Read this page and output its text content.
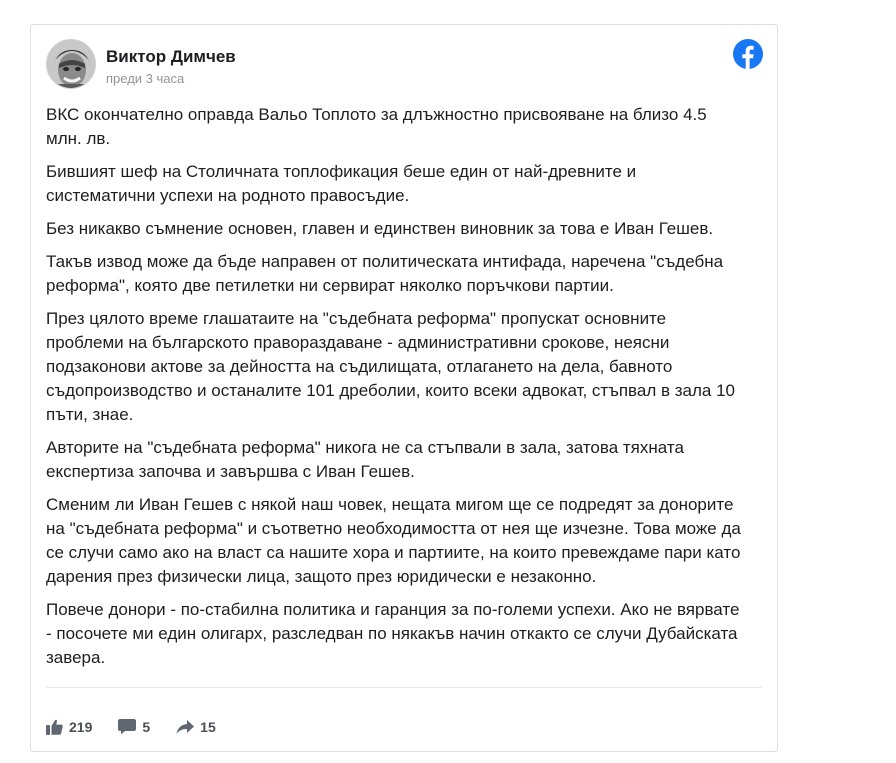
Виктор Димчев
преди 3 часа

ВКС окончателно оправда Вальо Топлото за длъжностно присвояване на близо 4.5 млн. лв.

Бившият шеф на Столичната топлофикация беше един от най-древните и систематични успехи на родното правосъдие.

Без никакво съмнение основен, главен и единствен виновник за това е Иван Гешев.

Такъв извод може да бъде направен от политическата интифада, наречена "съдебна реформа", която две петилетки ни сервират няколко поръчкови партии.

През цялото време глашатаите на "съдебната реформа" пропускат основните проблеми на българското правораздаване - административни срокове, неясни подзаконови актове за дейността на съдилищата, отлагането на дела, бавното съдопроизводство и останалите 101 дреболии, които всеки адвокат, стъпвал в зала 10 пъти, знае.

Авторите на "съдебната реформа" никога не са стъпвали в зала, затова тяхната експертиза започва и завършва с Иван Гешев.

Сменим ли Иван Гешев с някой наш човек, нещата мигом ще се подредят за донорите на "съдебната реформа" и съответно необходимостта от нея ще изчезне. Това може да се случи само ако на власт са нашите хора и партиите, на които превеждаме пари като дарения през физически лица, защото през юридически е незаконно.

Повече донори - по-стабилна политика и гаранция за по-големи успехи. Ако не вярвате - посочете ми един олигарх, разследван по някакъв начин откакто се случи Дубайската завера.

219	5	15
